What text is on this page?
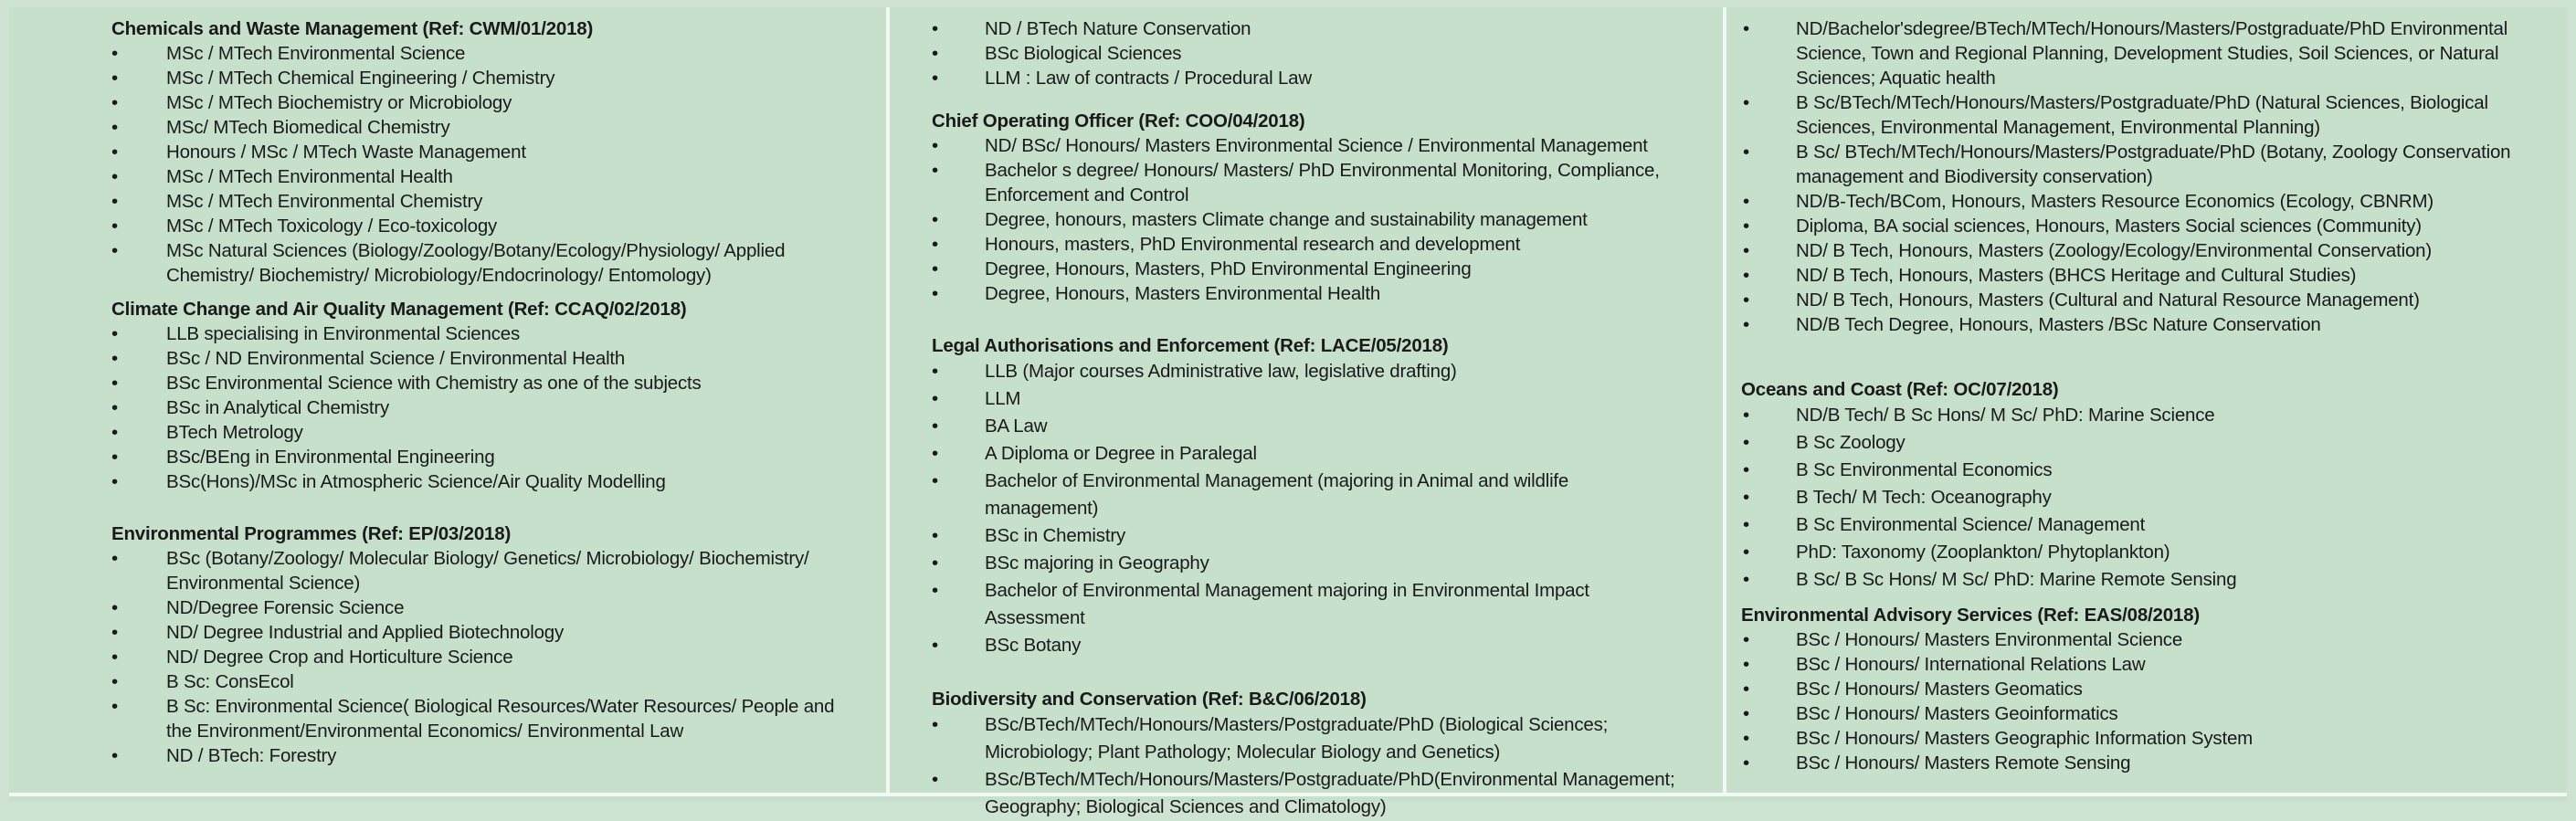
Chemicals and Waste Management (Ref: CWM/01/2018)
• MSc / MTech Environmental Science
• MSc / MTech Chemical Engineering / Chemistry
• MSc / MTech Biochemistry or Microbiology
• MSc/ MTech Biomedical Chemistry
• Honours / MSc / MTech Waste Management
• MSc / MTech Environmental Health
• MSc / MTech Environmental Chemistry
• MSc / MTech Toxicology / Eco-toxicology
• MSc Natural Sciences (Biology/Zoology/Botany/Ecology/Physiology/ Applied Chemistry/ Biochemistry/ Microbiology/Endocrinology/ Entomology)
Climate Change and Air Quality Management (Ref: CCAQ/02/2018)
• LLB specialising in Environmental Sciences
• BSc / ND Environmental Science / Environmental Health
• BSc Environmental Science with Chemistry as one of the subjects
• BSc in Analytical Chemistry
• BTech Metrology
• BSc/BEng in Environmental Engineering
• BSc(Hons)/MSc in Atmospheric Science/Air Quality Modelling
Environmental Programmes (Ref: EP/03/2018)
• BSc (Botany/Zoology/ Molecular Biology/ Genetics/ Microbiology/ Biochemistry/ Environmental Science)
• ND/Degree Forensic Science
• ND/ Degree Industrial and Applied Biotechnology
• ND/ Degree Crop and Horticulture Science
• B Sc: ConsEcol
• B Sc: Environmental Science( Biological Resources/Water Resources/ People and the Environment/Environmental Economics/ Environmental Law
• ND / BTech: Forestry
• ND / BTech Nature Conservation
• BSc Biological Sciences
• LLM : Law of contracts / Procedural Law
Chief Operating Officer (Ref: COO/04/2018)
• ND/ BSc/ Honours/ Masters Environmental Science / Environmental Management
• Bachelor s degree/ Honours/ Masters/ PhD Environmental Monitoring, Compliance, Enforcement and Control
• Degree, honours, masters Climate change and sustainability management
• Honours, masters, PhD Environmental research and development
• Degree, Honours, Masters, PhD Environmental Engineering
• Degree, Honours, Masters Environmental Health
Legal Authorisations and Enforcement (Ref: LACE/05/2018)
• LLB (Major courses Administrative law, legislative drafting)
• LLM
• BA Law
• A Diploma or Degree in Paralegal
• Bachelor of Environmental Management (majoring in Animal and wildlife management)
• BSc in Chemistry
• BSc majoring in Geography
• Bachelor of Environmental Management majoring in Environmental Impact Assessment
• BSc Botany
Biodiversity and Conservation (Ref: B&C/06/2018)
• BSc/BTech/MTech/Honours/Masters/Postgraduate/PhD (Biological Sciences; Microbiology; Plant Pathology; Molecular Biology and Genetics)
• BSc/BTech/MTech/Honours/Masters/Postgraduate/PhD(Environmental Management; Geography; Biological Sciences and Climatology)
• ND/Bachelor'sdegree/BTech/MTech/Honours/Masters/Postgraduate/PhD Environmental Science, Town and Regional Planning, Development Studies, Soil Sciences, or Natural Sciences; Aquatic health
• B Sc/BTech/MTech/Honours/Masters/Postgraduate/PhD (Natural Sciences, Biological Sciences, Environmental Management, Environmental Planning)
• B Sc/ BTech/MTech/Honours/Masters/Postgraduate/PhD (Botany, Zoology Conservation management and Biodiversity conservation)
• ND/B-Tech/BCom, Honours, Masters Resource Economics (Ecology, CBNRM)
• Diploma, BA social sciences, Honours, Masters Social sciences (Community)
• ND/ B Tech, Honours, Masters (Zoology/Ecology/Environmental Conservation)
• ND/ B Tech, Honours, Masters (BHCS Heritage and Cultural Studies)
• ND/ B Tech, Honours, Masters (Cultural and Natural Resource Management)
• ND/B Tech Degree, Honours, Masters /BSc Nature Conservation
Oceans and Coast (Ref: OC/07/2018)
• ND/B Tech/ B Sc Hons/ M Sc/ PhD: Marine Science
• B Sc Zoology
• B Sc Environmental Economics
• B Tech/ M Tech: Oceanography
• B Sc Environmental Science/ Management
• PhD: Taxonomy (Zooplankton/ Phytoplankton)
• B Sc/ B Sc Hons/ M Sc/ PhD: Marine Remote Sensing
Environmental Advisory Services (Ref: EAS/08/2018)
• BSc / Honours/ Masters Environmental Science
• BSc / Honours/ International Relations Law
• BSc / Honours/ Masters Geomatics
• BSc / Honours/ Masters Geoinformatics
• BSc / Honours/ Masters Geographic Information System
• BSc / Honours/ Masters Remote Sensing
